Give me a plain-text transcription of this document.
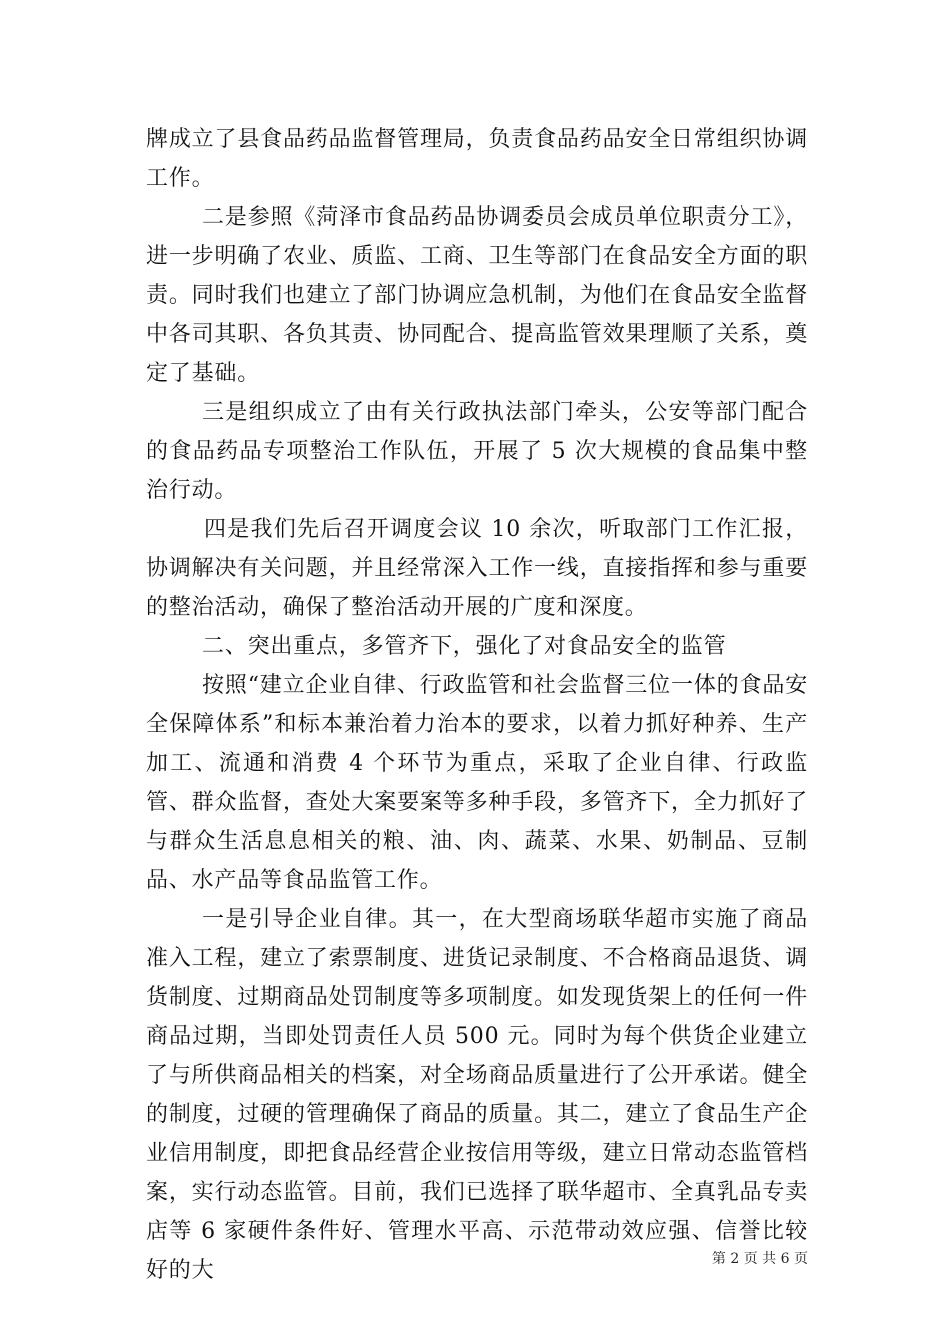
牌成立了县食品药品监督管理局，负责食品药品安全日常组织协调工作。

二是参照《菏泽市食品药品协调委员会成员单位职责分工》，进一步明确了农业、质监、工商、卫生等部门在食品安全方面的职责。同时我们也建立了部门协调应急机制，为他们在食品安全监督中各司其职、各负其责、协同配合、提高监管效果理顺了关系，奠定了基础。

三是组织成立了由有关行政执法部门牵头，公安等部门配合的食品药品专项整治工作队伍，开展了 5 次大规模的食品集中整治行动。

四是我们先后召开调度会议 10 余次，听取部门工作汇报，协调解决有关问题，并且经常深入工作一线，直接指挥和参与重要的整治活动，确保了整治活动开展的广度和深度。

二、突出重点，多管齐下，强化了对食品安全的监管

按照“建立企业自律、行政监管和社会监督三位一体的食品安全保障体系”和标本兼治着力治本的要求，以着力抓好种养、生产加工、流通和消费 4 个环节为重点，采取了企业自律、行政监管、群众监督，查处大案要案等多种手段，多管齐下，全力抓好了与群众生活息息相关的粮、油、肉、蔬菜、水果、奶制品、豆制品、水产品等食品监管工作。

一是引导企业自律。其一，在大型商场联华超市实施了商品准入工程，建立了索票制度、进货记录制度、不合格商品退货、调货制度、过期商品处罚制度等多项制度。如发现货架上的任何一件商品过期，当即处罚责任人员 500 元。同时为每个供货企业建立了与所供商品相关的档案，对全场商品质量进行了公开承诺。健全的制度，过硬的管理确保了商品的质量。其二，建立了食品生产企业信用制度，即把食品经营企业按信用等级，建立日常动态监管档案，实行动态监管。目前，我们已选择了联华超市、全真乳品专卖店等 6 家硬件条件好、管理水平高、示范带动效应强、信誉比较好的大	第 2 页 共 6 页
